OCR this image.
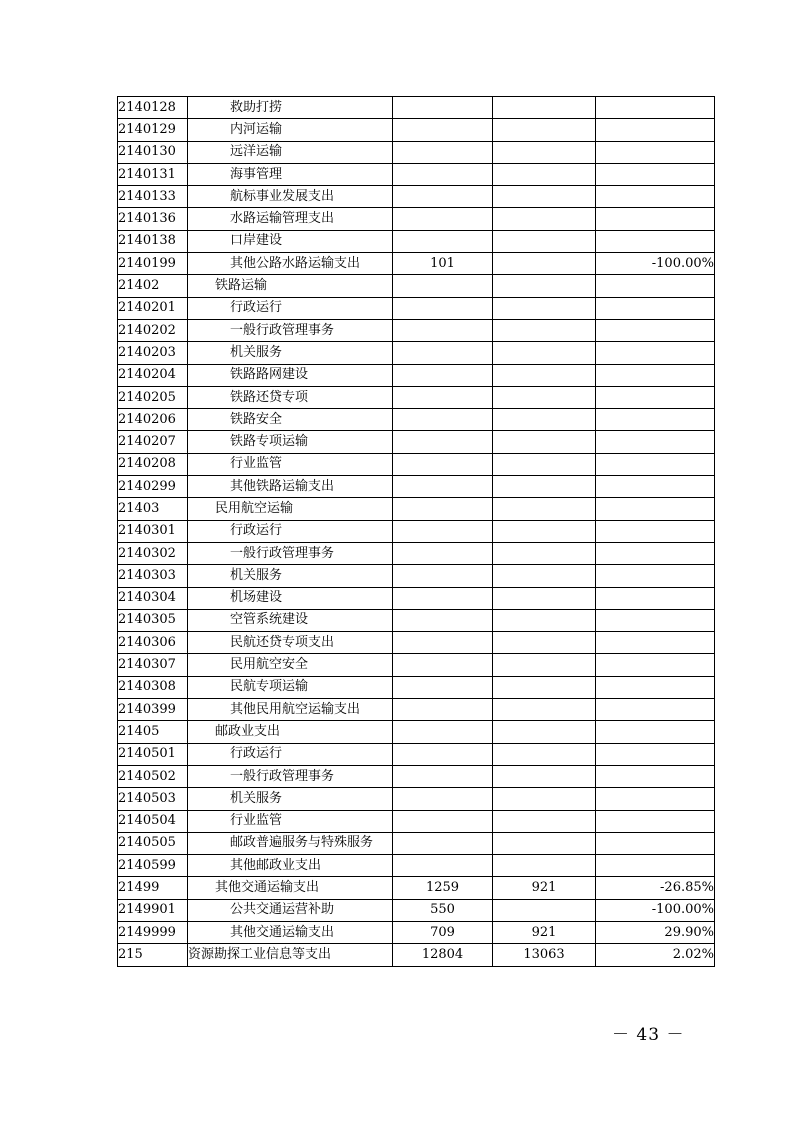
2140128	救助打捞			
2140129	内河运输			
2140130	远洋运输			
2140131	海事管理			
2140133	航标事业发展支出			
2140136	水路运输管理支出			
2140138	口岸建设			
2140199	其他公路水路运输支出	101		-100.00%
21402	铁路运输			
2140201	行政运行			
2140202	一般行政管理事务			
2140203	机关服务			
2140204	铁路路网建设			
2140205	铁路还贷专项			
2140206	铁路安全			
2140207	铁路专项运输			
2140208	行业监管			
2140299	其他铁路运输支出			
21403	民用航空运输			
2140301	行政运行			
2140302	一般行政管理事务			
2140303	机关服务			
2140304	机场建设			
2140305	空管系统建设			
2140306	民航还贷专项支出			
2140307	民用航空安全			
2140308	民航专项运输			
2140399	其他民用航空运输支出			
21405	邮政业支出			
2140501	行政运行			
2140502	一般行政管理事务			
2140503	机关服务			
2140504	行业监管			
2140505	邮政普遍服务与特殊服务			
2140599	其他邮政业支出			
21499	其他交通运输支出	1259	921	-26.85%
2149901	公共交通运营补助	550		-100.00%
2149999	其他交通运输支出	709	921	29.90%
215	资源勘探工业信息等支出	12804	13063	2.02%
－ 43 －
